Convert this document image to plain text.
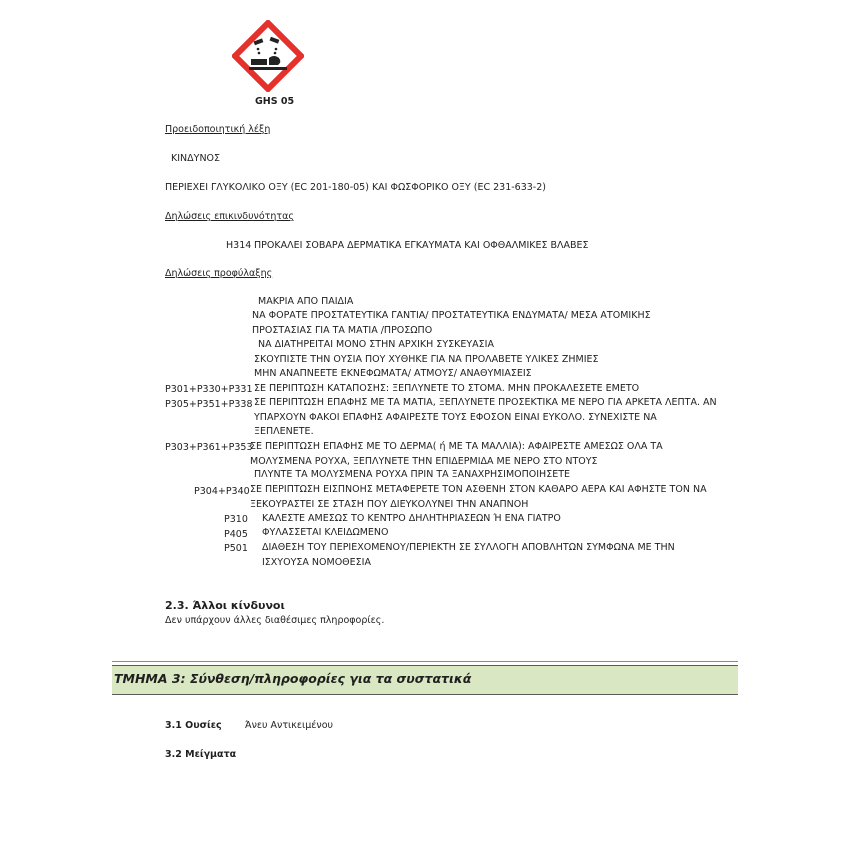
GHS 05
Προειδοποιητική λέξη
ΚΙΝΔΥΝΟΣ
ΠΕΡΙΕΧΕΙ ΓΛΥΚΟΛΙΚΟ ΟΞΥ (EC 201-180-05) ΚΑΙ ΦΩΣΦΟΡΙΚΟ ΟΞΥ (EC 231-633-2)
Δηλώσεις επικινδυνότητας
H314 ΠΡΟΚΑΛΕΙ ΣΟΒΑΡΑ ΔΕΡΜΑΤΙΚΑ ΕΓΚΑΥΜΑΤΑ ΚΑΙ ΟΦΘΑΛΜΙΚΕΣ ΒΛΑΒΕΣ
Δηλώσεις προφύλαξης
ΜΑΚΡΙΑ ΑΠΟ ΠΑΙΔΙΑ
ΝΑ ΦΟΡΑΤΕ ΠΡΟΣΤΑΤΕΥΤΙΚΑ ΓΑΝΤΙΑ/ ΠΡΟΣΤΑΤΕΥΤΙΚΑ ΕΝΔΥΜΑΤΑ/ ΜΕΣΑ ΑΤΟΜΙΚΗΣ ΠΡΟΣΤΑΣΙΑΣ ΓΙΑ ΤΑ ΜΑΤΙΑ /ΠΡΟΣΩΠΟ
ΝΑ ΔΙΑΤΗΡΕΙΤΑΙ ΜΟΝΟ ΣΤΗΝ ΑΡΧΙΚΗ ΣΥΣΚΕΥΑΣΙΑ
ΣΚΟΥΠΙΣΤΕ ΤΗΝ ΟΥΣΙΑ ΠΟΥ ΧΥΘΗΚΕ ΓΙΑ ΝΑ ΠΡΟΛΑΒΕΤΕ ΥΛΙΚΕΣ ΖΗΜΙΕΣ
ΜΗΝ ΑΝΑΠΝΕΕΤΕ ΕΚΝΕΦΩΜΑΤΑ/ ΑΤΜΟΥΣ/ ΑΝΑΘΥΜΙΑΣΕΙΣ
P301+P330+P331 ΣΕ ΠΕΡΙΠΤΩΣΗ ΚΑΤΑΠΟΣΗΣ: ΞΕΠΛΥΝΕΤΕ ΤΟ ΣΤΟΜΑ. ΜΗΝ ΠΡΟΚΑΛΕΣΕΤΕ ΕΜΕΤΟ
P305+P351+P338 ΣΕ ΠΕΡΙΠΤΩΣΗ ΕΠΑΦΗΣ ΜΕ ΤΑ ΜΑΤΙΑ, ΞΕΠΛΥΝΕΤΕ ΠΡΟΣΕΚΤΙΚΑ ΜΕ ΝΕΡΟ ΓΙΑ ΑΡΚΕΤΑ ΛΕΠΤΑ. ΑΝ ΥΠΑΡΧΟΥΝ ΦΑΚΟΙ ΕΠΑΦΗΣ ΑΦΑΙΡΕΣΤΕ ΤΟΥΣ ΕΦΟΣΟΝ ΕΙΝΑΙ ΕΥΚΟΛΟ. ΣΥΝΕΧΙΣΤΕ ΝΑ ΞΕΠΛΕΝΕΤΕ.
P303+P361+P353
ΣΕ ΠΕΡΙΠΤΩΣΗ ΕΠΑΦΗΣ ΜΕ ΤΟ ΔΕΡΜΑ( ή ΜΕ ΤΑ ΜΑΛΛΙΑ): ΑΦΑΙΡΕΣΤΕ ΑΜΕΣΩΣ ΟΛΑ ΤΑ ΜΟΛΥΣΜΕΝΑ ΡΟΥΧΑ, ΞΕΠΛΥΝΕΤΕ ΤΗΝ ΕΠΙΔΕΡΜΙΔΑ ΜΕ ΝΕΡΟ ΣΤΟ ΝΤΟΥΣ
ΠΛΥΝΤΕ ΤΑ ΜΟΛΥΣΜΕΝΑ ΡΟΥΧΑ ΠΡΙΝ ΤΑ ΞΑΝΑΧΡΗΣΙΜΟΠΟΙΗΣΕΤΕ
P304+P340 ΣΕ ΠΕΡΙΠΤΩΣΗ ΕΙΣΠΝΟΗΣ ΜΕΤΑΦΕΡΕΤΕ ΤΟΝ ΑΣΘΕΝΗ ΣΤΟΝ ΚΑΘΑΡΟ ΑΕΡΑ ΚΑΙ ΑΦΗΣΤΕ ΤΟΝ ΝΑ ΞΕΚΟΥΡΑΣΤΕΙ ΣΕ ΣΤΑΣΗ ΠΟΥ ΔΙΕΥΚΟΛΥΝΕΙ ΤΗΝ ΑΝΑΠΝΟΗ
P310 ΚΑΛΕΣΤΕ ΑΜΕΣΩΣ ΤΟ ΚΕΝΤΡΟ ΔΗΛΗΤΗΡΙΑΣΕΩΝ Ή ΕΝΑ ΓΙΑΤΡΟ
P405 ΦΥΛΑΣΣΕΤΑΙ ΚΛΕΙΔΩΜΕΝΟ
P501 ΔΙΑΘΕΣΗ ΤΟΥ ΠΕΡΙΕΧΟΜΕΝΟΥ/ΠΕΡΙΕΚΤΗ ΣΕ ΣΥΛΛΟΓΗ ΑΠΟΒΛΗΤΩΝ ΣΥΜΦΩΝΑ ΜΕ ΤΗΝ ΙΣΧΥΟΥΣΑ ΝΟΜΟΘΕΣΙΑ
2.3. Άλλοι κίνδυνοι
Δεν υπάρχουν άλλες διαθέσιμες πληροφορίες.
ΤΜΗΜΑ 3: Σύνθεση/πληροφορίες για τα συστατικά
3.1 Ουσίες Άνευ Αντικειμένου
3.2 Μείγματα
